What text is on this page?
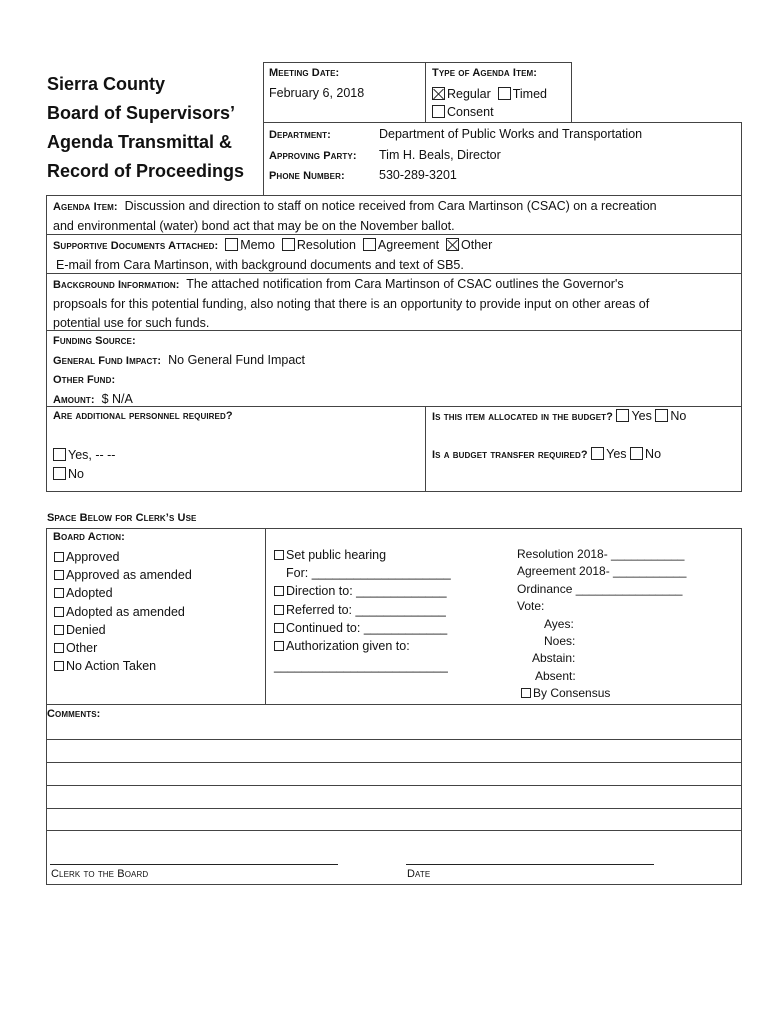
Sierra County
Board of Supervisors’
Agenda Transmittal &
Record of Proceedings
Meeting Date:
February 6, 2018
Type of Agenda Item:
Regular Timed
Consent
Department:	Department of Public Works and Transportation
Approving Party: Tim H. Beals, Director
Phone Number:	530-289-3201
Agenda Item: Discussion and direction to staff on notice received from Cara Martinson (CSAC) on a recreation
and environmental (water) bond act that may be on the November ballot.
Supportive Documents Attached: Memo Resolution Agreement Other
E-mail from Cara Martinson, with background documents and text of SB5.
Background Information: The attached notification from Cara Martinson of CSAC outlines the Governor's
propsoals for this potential funding, also noting that there is an opportunity to provide input on other areas of
potential use for such funds.
Funding Source:
General Fund Impact: No General Fund Impact
Other Fund:
Amount: $ N/A
Are additional personnel required?
Yes, -- --
No
Is this item allocated in the budget? Yes No
Is a budget transfer required? Yes No
Space Below for Clerk’s Use
Board Action:
Approved
Approved as amended
Adopted
Adopted as amended
Denied
Other
No Action Taken
Set public hearing
For: ____________________
Direction to: _____________
Referred to: _____________
Continued to: ____________
Authorization given to:
_________________________
Resolution 2018- ___________
Agreement 2018- ___________
Ordinance ________________
Vote:
Ayes:
Noes:
Abstain:
Absent:
By Consensus
Comments:
Clerk to the Board	Date
